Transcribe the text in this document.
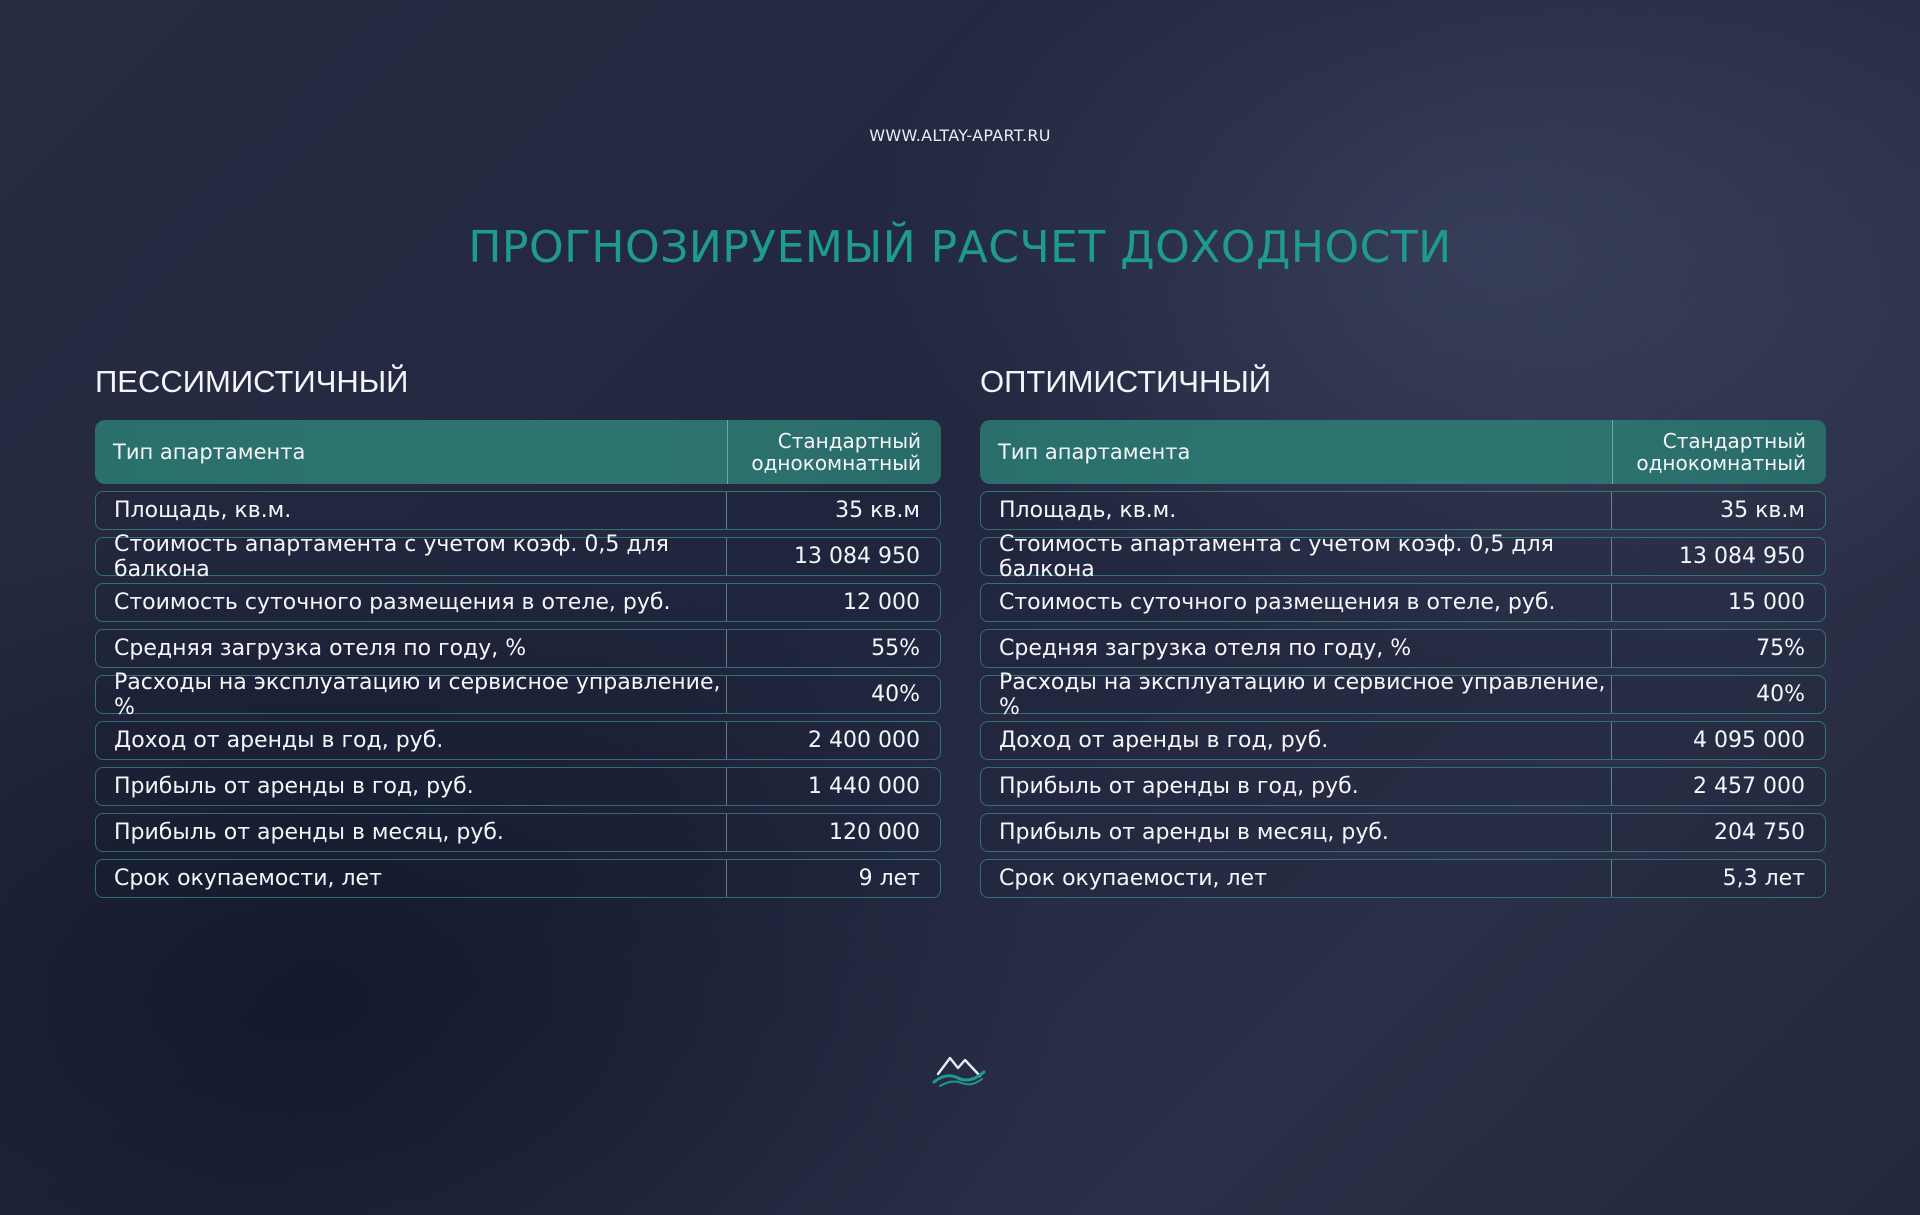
WWW.ALTAY-APART.RU
ПРОГНОЗИРУЕМЫЙ РАСЧЕТ ДОХОДНОСТИ
ПЕССИМИСТИЧНЫЙ
Тип апартамента	Стандартный
однокомнатный
Площадь, кв.м.	35 кв.м
Стоимость апартамента с учетом коэф. 0,5 для балкона	13 084 950
Стоимость суточного размещения в отеле, руб.	12 000
Средняя загрузка отеля по году, %	55%
Расходы на эксплуатацию и сервисное управление, %	40%
Доход от аренды в год, руб.	2 400 000
Прибыль от аренды в год, руб.	1 440 000
Прибыль от аренды в месяц, руб.	120 000
Срок окупаемости, лет	9 лет
ОПТИМИСТИЧНЫЙ
Тип апартамента	Стандартный
однокомнатный
Площадь, кв.м.	35 кв.м
Стоимость апартамента с учетом коэф. 0,5 для балкона	13 084 950
Стоимость суточного размещения в отеле, руб.	15 000
Средняя загрузка отеля по году, %	75%
Расходы на эксплуатацию и сервисное управление, %	40%
Доход от аренды в год, руб.	4 095 000
Прибыль от аренды в год, руб.	2 457 000
Прибыль от аренды в месяц, руб.	204 750
Срок окупаемости, лет	5,3 лет
